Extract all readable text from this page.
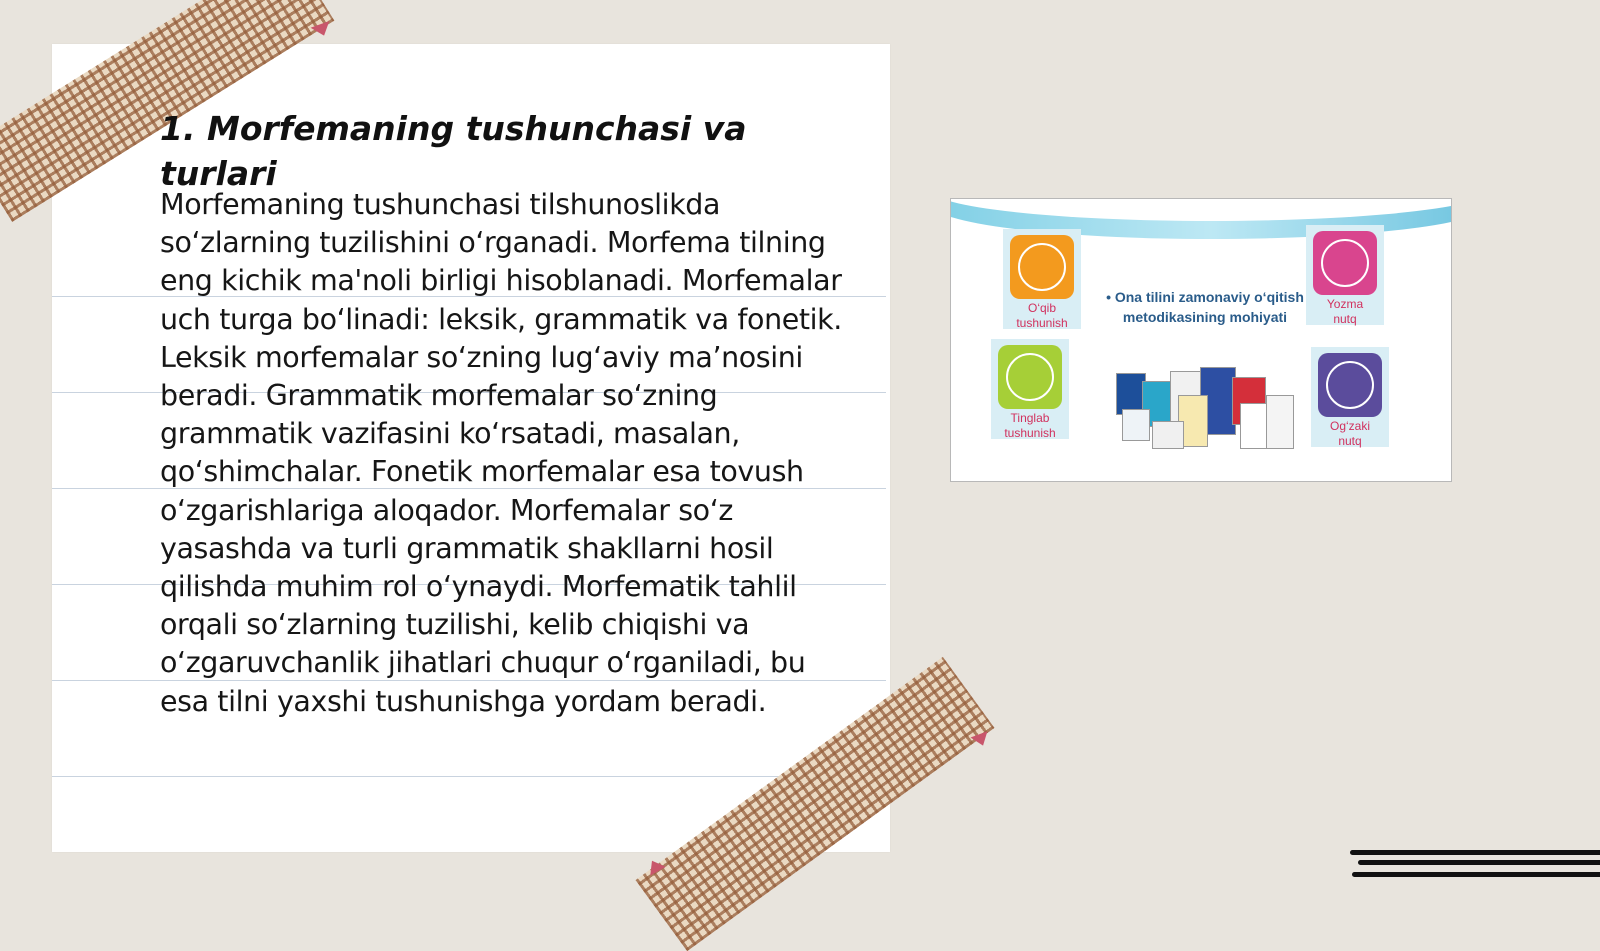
1. Morfemaning tushunchasi va turlari

Morfemaning tushunchasi tilshunoslikda so‘zlarning tuzilishini o‘rganadi. Morfema tilning eng kichik ma'noli birligi hisoblanadi. Morfemalar uch turga bo‘linadi: leksik, grammatik va fonetik. Leksik morfemalar so‘zning lug‘aviy ma’nosini beradi. Grammatik morfemalar so‘zning grammatik vazifasini ko‘rsatadi, masalan, qo‘shimchalar. Fonetik morfemalar esa tovush o‘zgarishlariga aloqador. Morfemalar so‘z yasashda va turli grammatik shakllarni hosil qilishda muhim rol o‘ynaydi. Morfematik tahlil orqali so‘zlarning tuzilishi, kelib chiqishi va o‘zgaruvchanlik jihatlari chuqur o‘rganiladi, bu esa tilni yaxshi tushunishga yordam beradi.

O‘qib
tushunish
Yozma
nutq
Tinglab
tushunish	Og‘zaki
nutq
• Ona tilini zamonaviy o‘qitish
metodikasining mohiyati
